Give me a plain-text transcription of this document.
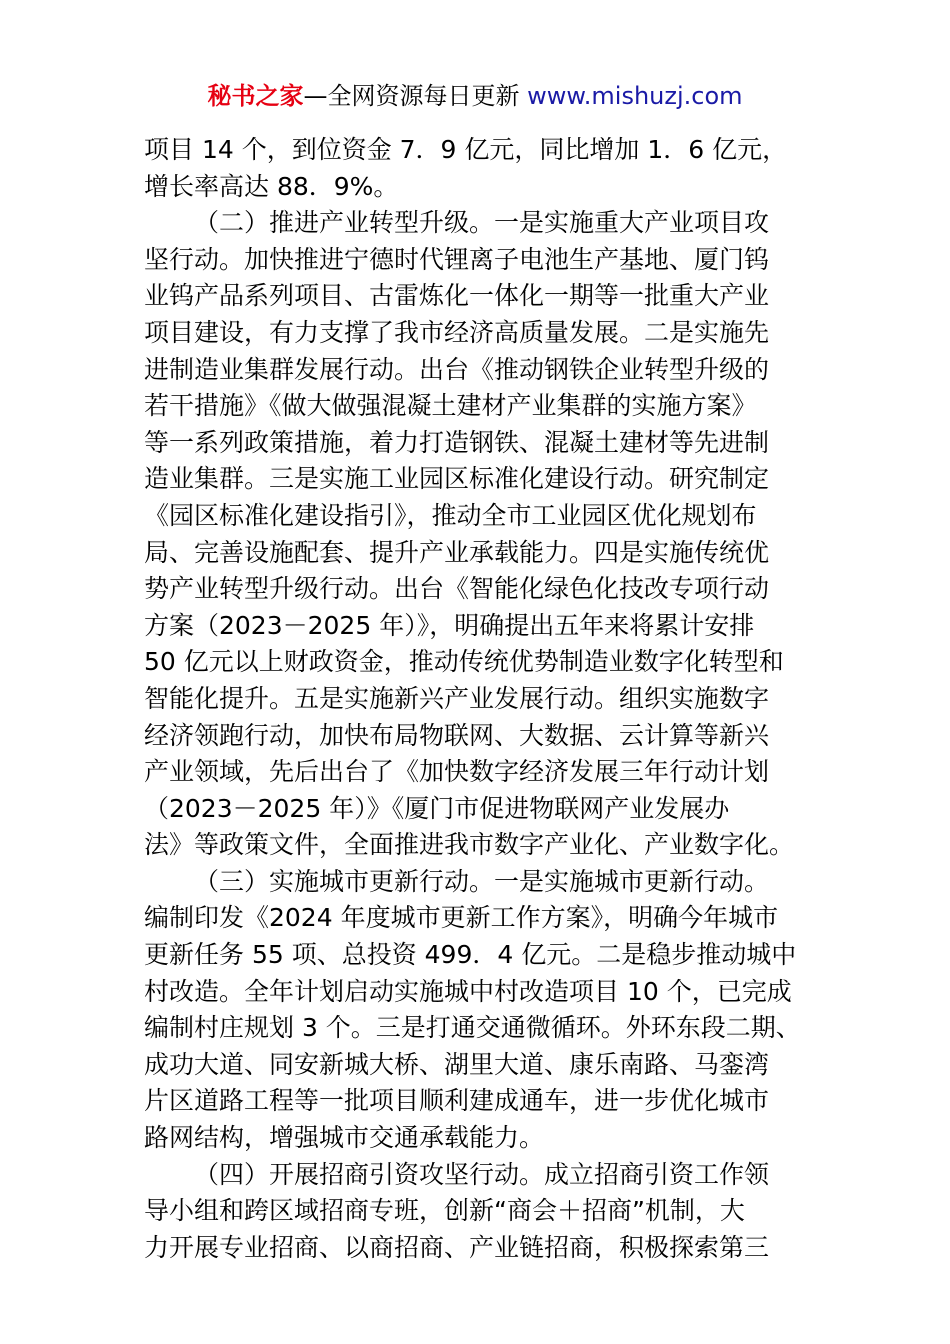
秘书之家—全网资源每日更新 www.mishuzj.com
项目 14 个，到位资金 7．9 亿元，同比增加 1．6 亿元，
增长率高达 88．9%。
（二）推进产业转型升级。一是实施重大产业项目攻
坚行动。加快推进宁德时代锂离子电池生产基地、厦门钨
业钨产品系列项目、古雷炼化一体化一期等一批重大产业
项目建设，有力支撑了我市经济高质量发展。二是实施先
进制造业集群发展行动。出台《推动钢铁企业转型升级的
若干措施》《做大做强混凝土建材产业集群的实施方案》
等一系列政策措施，着力打造钢铁、混凝土建材等先进制
造业集群。三是实施工业园区标准化建设行动。研究制定
《园区标准化建设指引》，推动全市工业园区优化规划布
局、完善设施配套、提升产业承载能力。四是实施传统优
势产业转型升级行动。出台《智能化绿色化技改专项行动
方案（2023－2025 年）》，明确提出五年来将累计安排
50 亿元以上财政资金，推动传统优势制造业数字化转型和
智能化提升。五是实施新兴产业发展行动。组织实施数字
经济领跑行动，加快布局物联网、大数据、云计算等新兴
产业领域，先后出台了《加快数字经济发展三年行动计划
（2023－2025 年）》《厦门市促进物联网产业发展办
法》等政策文件，全面推进我市数字产业化、产业数字化。
（三）实施城市更新行动。一是实施城市更新行动。
编制印发《2024 年度城市更新工作方案》，明确今年城市
更新任务 55 项、总投资 499．4 亿元。二是稳步推动城中
村改造。全年计划启动实施城中村改造项目 10 个，已完成
编制村庄规划 3 个。三是打通交通微循环。外环东段二期、
成功大道、同安新城大桥、湖里大道、康乐南路、马銮湾
片区道路工程等一批项目顺利建成通车，进一步优化城市
路网结构，增强城市交通承载能力。
（四）开展招商引资攻坚行动。成立招商引资工作领
导小组和跨区域招商专班，创新“商会＋招商”机制，大
力开展专业招商、以商招商、产业链招商，积极探索第三
